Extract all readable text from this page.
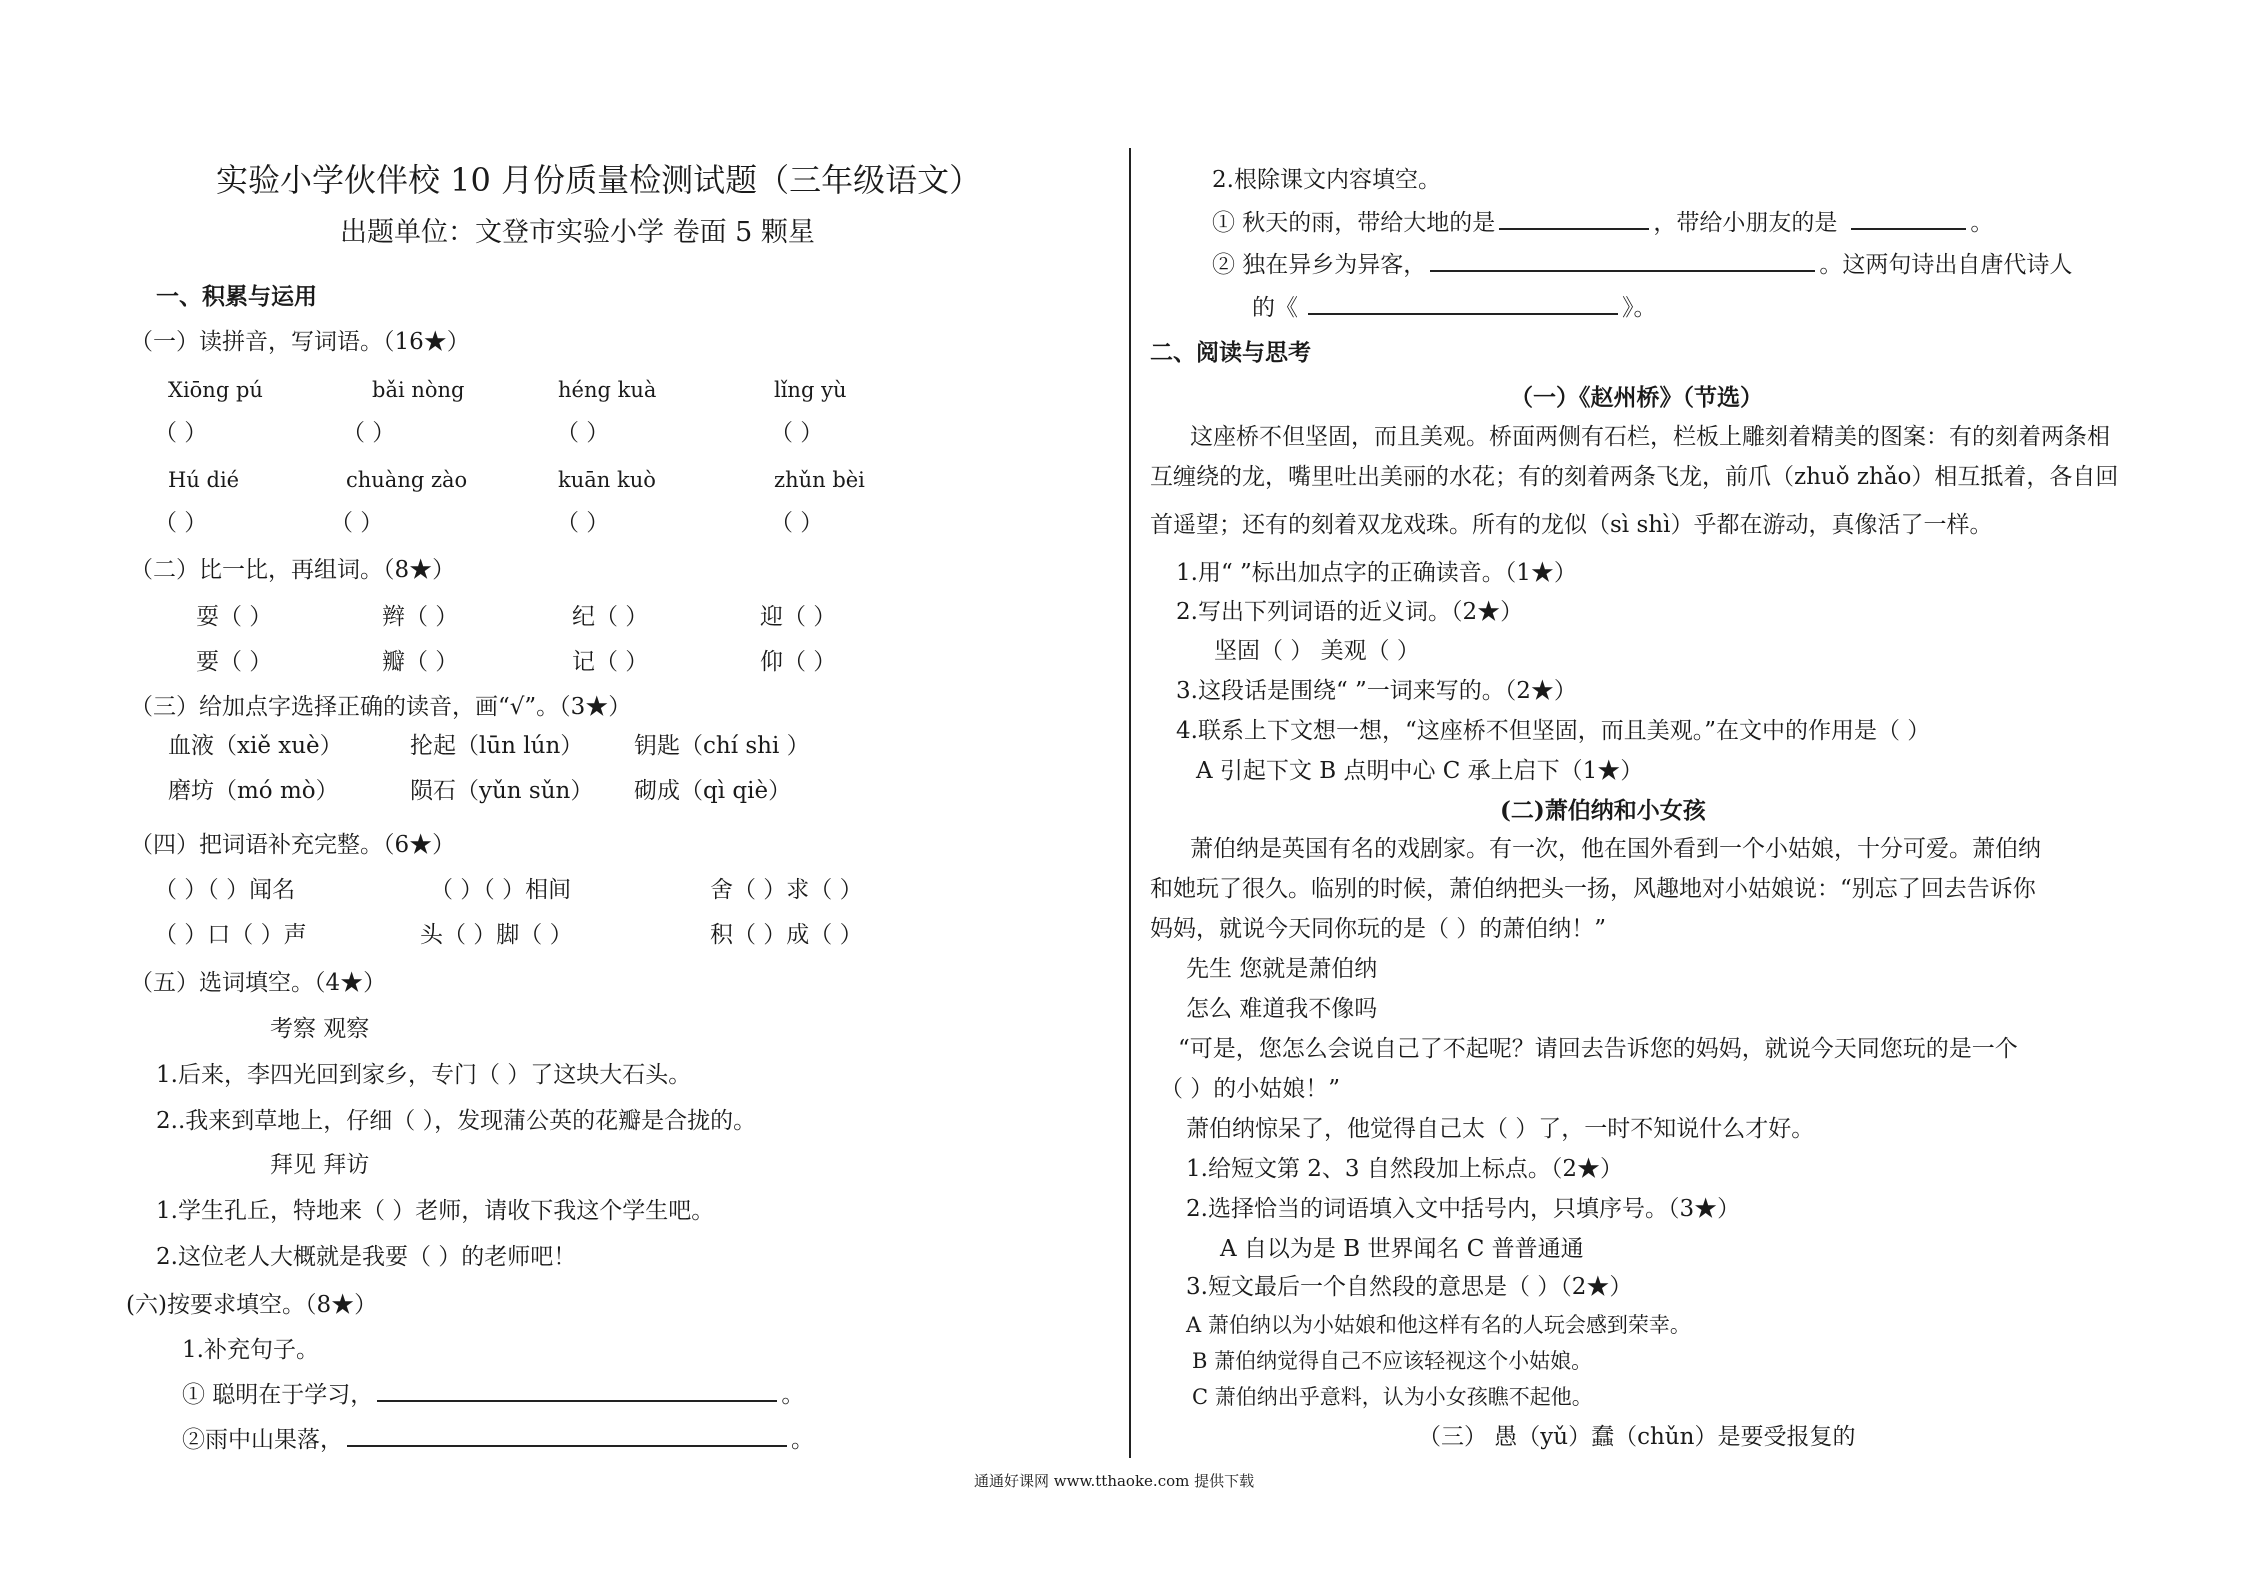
实验小学伙伴校 10 月份质量检测试题（三年级语文）
出题单位：文登市实验小学 卷面 5 颗星
一、积累与运用
（一）读拼音，写词语。（16★）
Xiōng pú	bǎi nòng	héng kuà	lǐng yù
（ ）	（ ）	（ ）	（ ）
Hú dié	chuàng zào	kuān kuò	zhǔn bèi
（ ）	（ ）	（ ）	（ ）
（二）比一比，再组词。（8★）
耍（ ）	辫（ ）	纪（ ）	迎（ ）
要（ ）	瓣（ ）	记（ ）	仰（ ）
（三）给加点字选择正确的读音，画“√”。（3★）
血液（xiě xuè）	抡起（lūn lún） 钥匙（chí shi ）
磨坊（mó mò）	陨石（yǔn sǔn） 砌成（qì qiè）
（四）把词语补充完整。（6★）
（ ）（ ）闻名	（ ）（ ）相间	舍（ ）求（ ）
（ ）口（ ）声	头（ ）脚（ ）	积（ ）成（ ）
（五）选词填空。（4★）
考察 观察
1.后来，李四光回到家乡，专门（ ）了这块大石头。
2..我来到草地上，仔细（ ），发现蒲公英的花瓣是合拢的。
拜见 拜访
1.学生孔丘，特地来（ ）老师，请收下我这个学生吧。
2.这位老人大概就是我要（ ）的老师吧！
(六)按要求填空。（8★）
1.补充句子。
① 聪明在于学习，	。
②雨中山果落，	。
2.根除课文内容填空。
① 秋天的雨，带给大地的是	，带给小朋友的是	。
② 独在异乡为异客，	。这两句诗出自唐代诗人
的《	》。
二、阅读与思考
（一）《赵州桥》（节选）
这座桥不但坚固，而且美观。桥面两侧有石栏，栏板上雕刻着精美的图案：有的刻着两条相
互缠绕的龙，嘴里吐出美丽的水花；有的刻着两条飞龙，前爪（zhuǒ zhǎo）相互抵着，各自回
首遥望；还有的刻着双龙戏珠。所有的龙似（sì shì）乎都在游动，真像活了一样。
1.用“ ”标出加点字的正确读音。（1★）
2.写出下列词语的近义词。（2★）
坚固（ ） 美观（ ）
3.这段话是围绕“ ”一词来写的。（2★）
4.联系上下文想一想，“这座桥不但坚固，而且美观。”在文中的作用是（ ）
A 引起下文 B 点明中心 C 承上启下（1★）
(二)萧伯纳和小女孩
萧伯纳是英国有名的戏剧家。有一次，他在国外看到一个小姑娘，十分可爱。萧伯纳
和她玩了很久。临别的时候，萧伯纳把头一扬，风趣地对小姑娘说：“别忘了回去告诉你
妈妈，就说今天同你玩的是（ ）的萧伯纳！”
先生 您就是萧伯纳
怎么 难道我不像吗
“可是，您怎么会说自己了不起呢？请回去告诉您的妈妈，就说今天同您玩的是一个
（ ）的小姑娘！”
萧伯纳惊呆了，他觉得自己太（ ）了，一时不知说什么才好。
1.给短文第 2、3 自然段加上标点。（2★）
2.选择恰当的词语填入文中括号内，只填序号。（3★）
A 自以为是 B 世界闻名 C 普普通通
3.短文最后一个自然段的意思是（ ）（2★）
A 萧伯纳以为小姑娘和他这样有名的人玩会感到荣幸。
B 萧伯纳觉得自己不应该轻视这个小姑娘。
C 萧伯纳出乎意料，认为小女孩瞧不起他。
（三） 愚（yǔ）蠢（chǔn）是要受报复的
通通好课网 www.tthaoke.com 提供下载
